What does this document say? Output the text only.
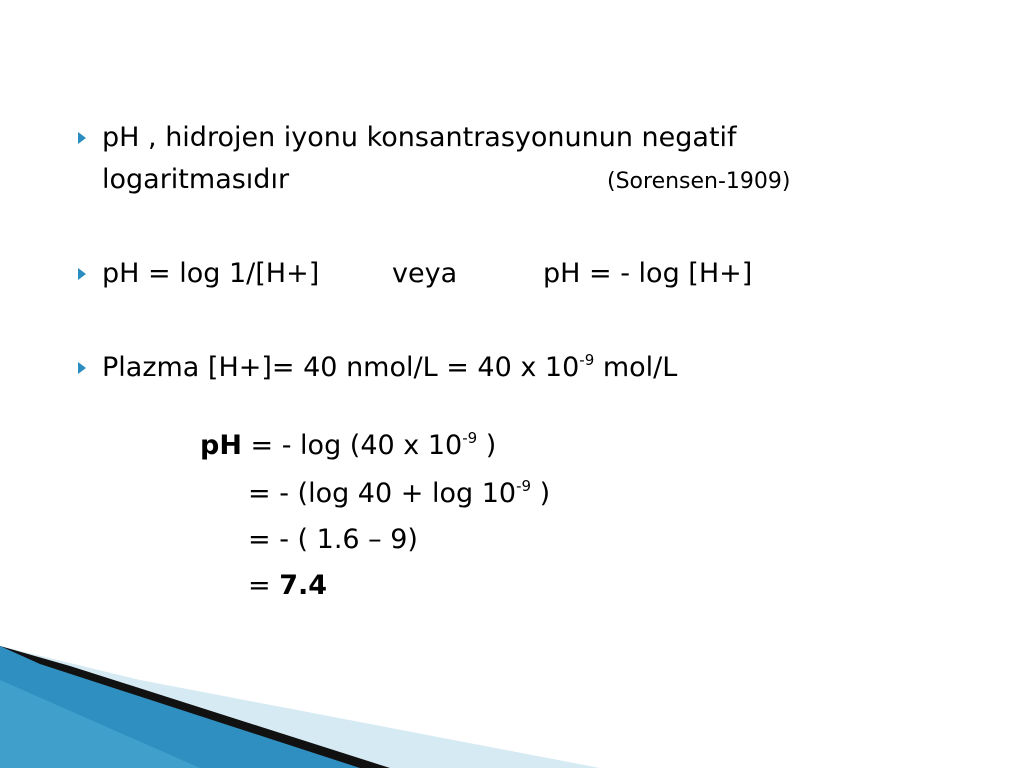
pH , hidrojen iyonu konsantrasyonunun negatif
logaritmasıdır	(Sorensen-1909)
pH = log 1/[H+]	veya	pH = - log [H+]
Plazma [H+]= 40 nmol/L = 40 x $10^{-9}$ mol/L
pH = - log (40 x $10^{-9}$ )
= - (log $40 + \log 10^{-9}$ )
= - ( 1.6 – 9)
= 7.4
